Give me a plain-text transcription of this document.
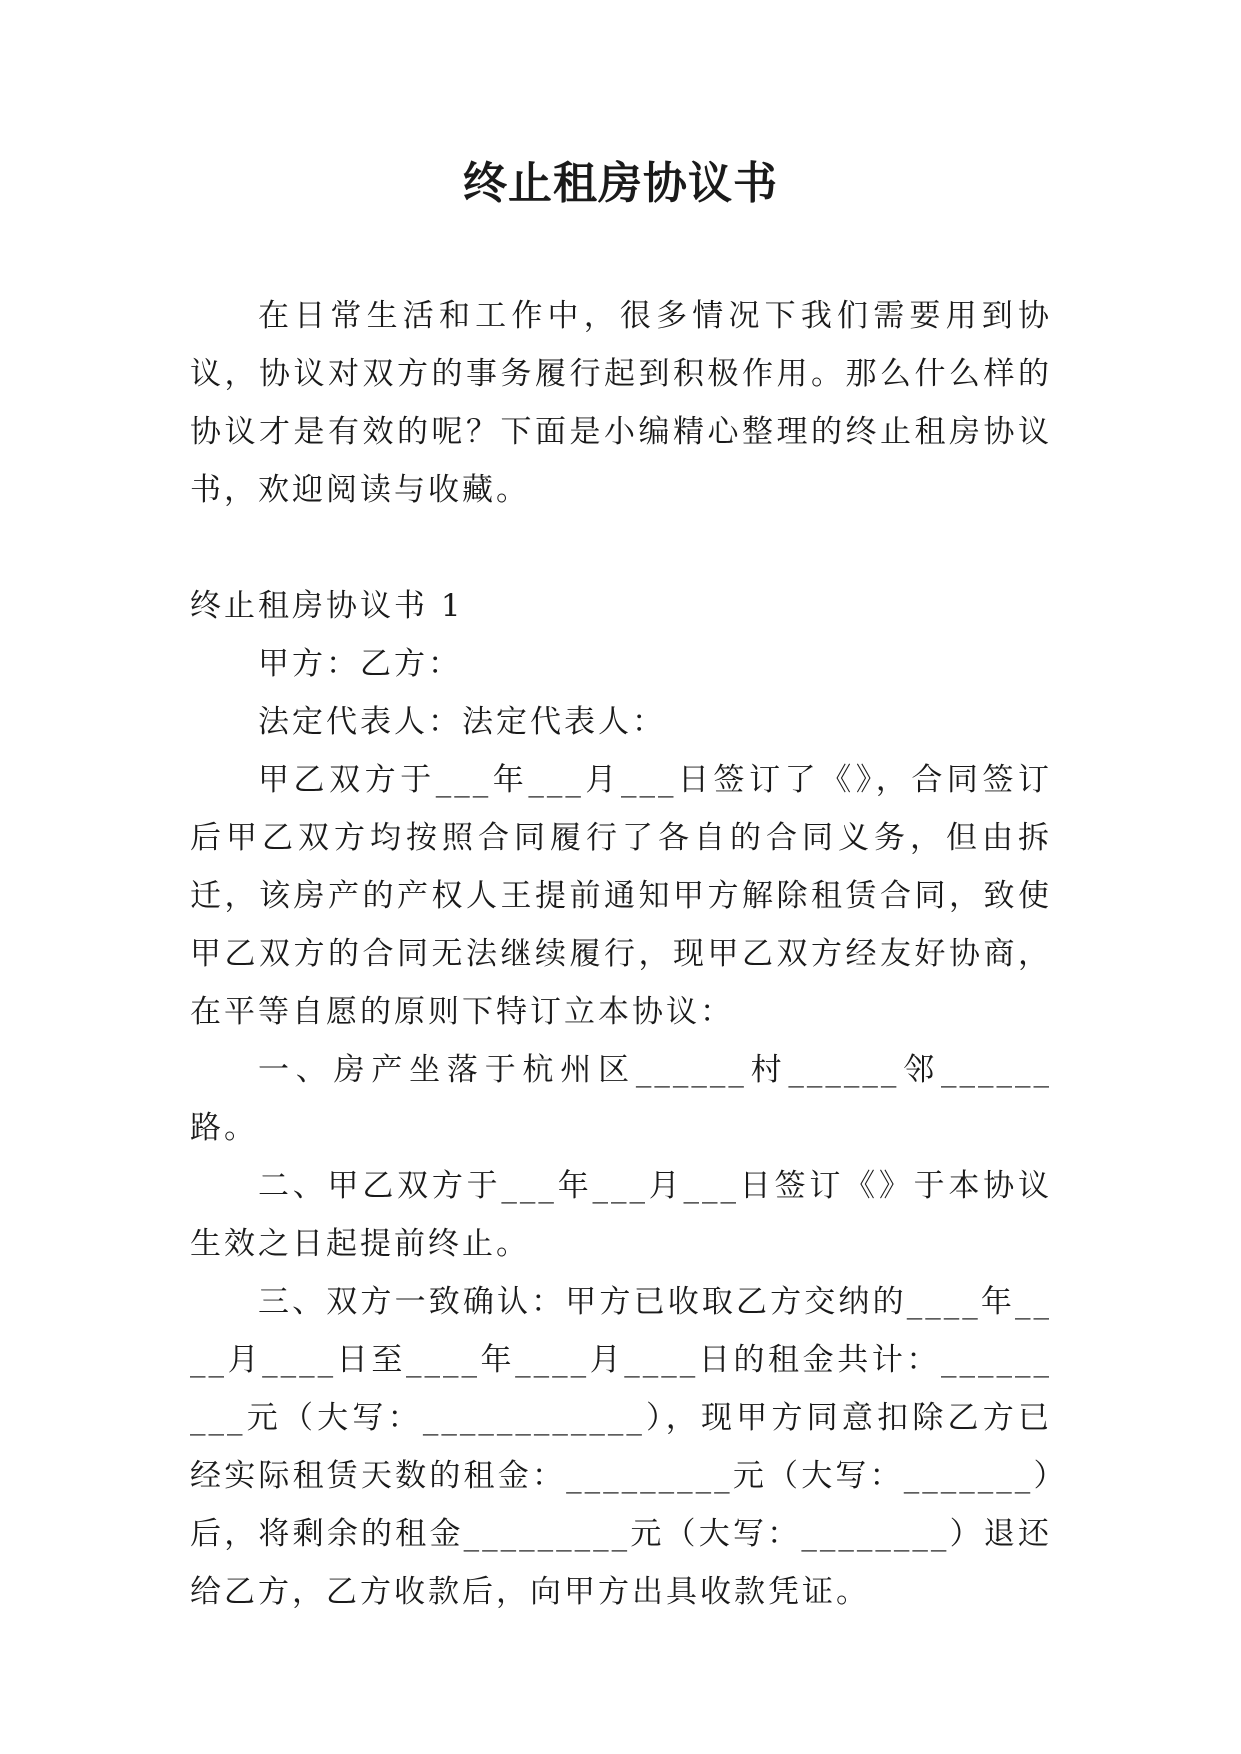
终止租房协议书

在日常生活和工作中，很多情况下我们需要用到协议，协议对双方的事务履行起到积极作用。那么什么样的协议才是有效的呢？下面是小编精心整理的终止租房协议书，欢迎阅读与收藏。

终止租房协议书 1

甲方：乙方：

法定代表人：法定代表人：

甲乙双方于___年___月___日签订了《》，合同签订后甲乙双方均按照合同履行了各自的合同义务，但由拆迁，该房产的产权人王提前通知甲方解除租赁合同，致使甲乙双方的合同无法继续履行，现甲乙双方经友好协商，在平等自愿的原则下特订立本协议：

一、房产坐落于杭州区______村______邻______路。

二、甲乙双方于___年___月___日签订《》于本协议生效之日起提前终止。

三、双方一致确认：甲方已收取乙方交纳的____年____月____日至____年____月____日的租金共计：_________元（大写：____________），现甲方同意扣除乙方已经实际租赁天数的租金：_________元（大写：_______）后，将剩余的租金_________元（大写：________）退还给乙方，乙方收款后，向甲方出具收款凭证。
